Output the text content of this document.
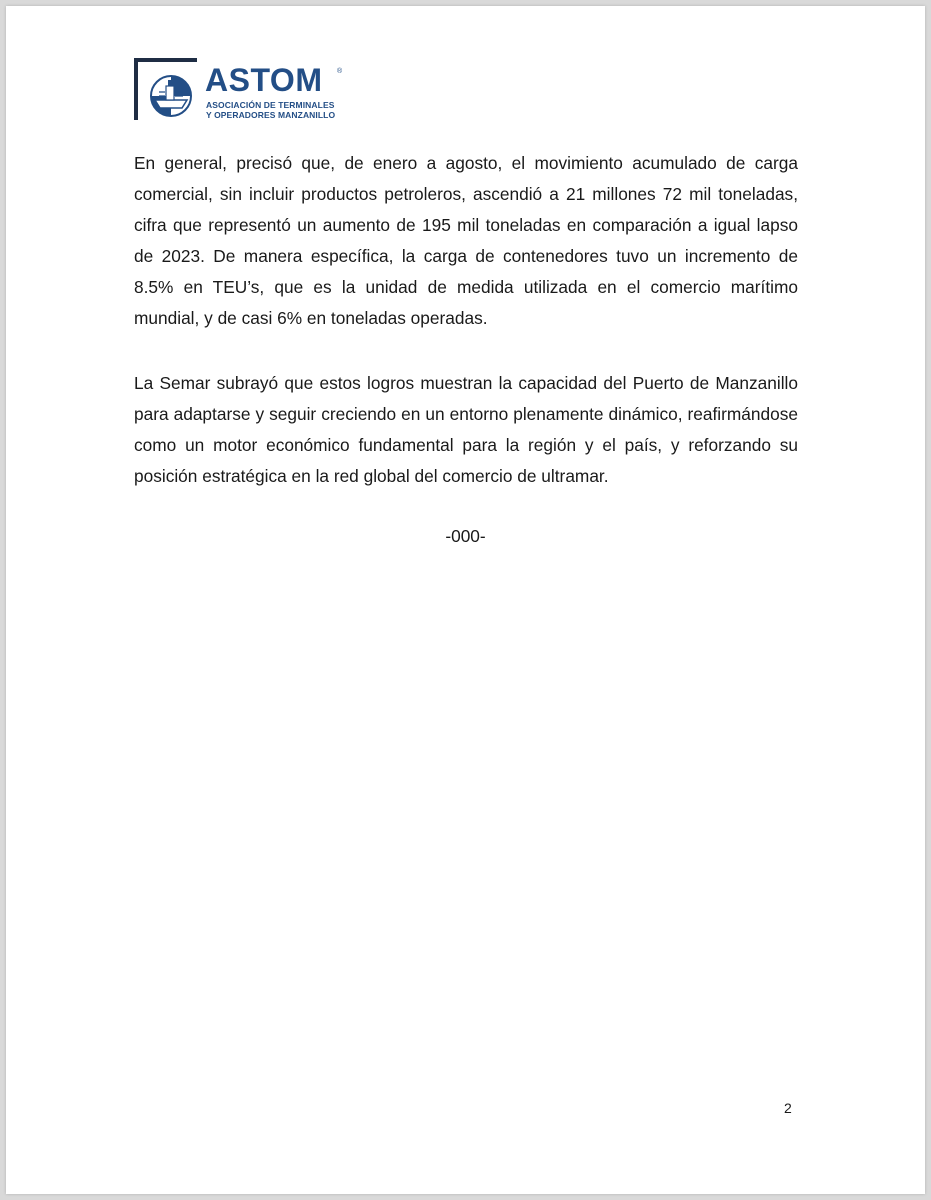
ASTOM ®
ASOCIACIÓN DE TERMINALES
Y OPERADORES MANZANILLO

En general, precisó que, de enero a agosto, el movimiento acumulado de carga comercial, sin incluir productos petroleros, ascendió a 21 millones 72 mil toneladas, cifra que representó un aumento de 195 mil toneladas en comparación a igual lapso de 2023. De manera específica, la carga de contenedores tuvo un incremento de 8.5% en TEU’s, que es la unidad de medida utilizada en el comercio marítimo mundial, y de casi 6% en toneladas operadas.

La Semar subrayó que estos logros muestran la capacidad del Puerto de Manzanillo para adaptarse y seguir creciendo en un entorno plenamente dinámico, reafirmándose como un motor económico fundamental para la región y el país, y reforzando su posición estratégica en la red global del comercio de ultramar.

-000-
2
